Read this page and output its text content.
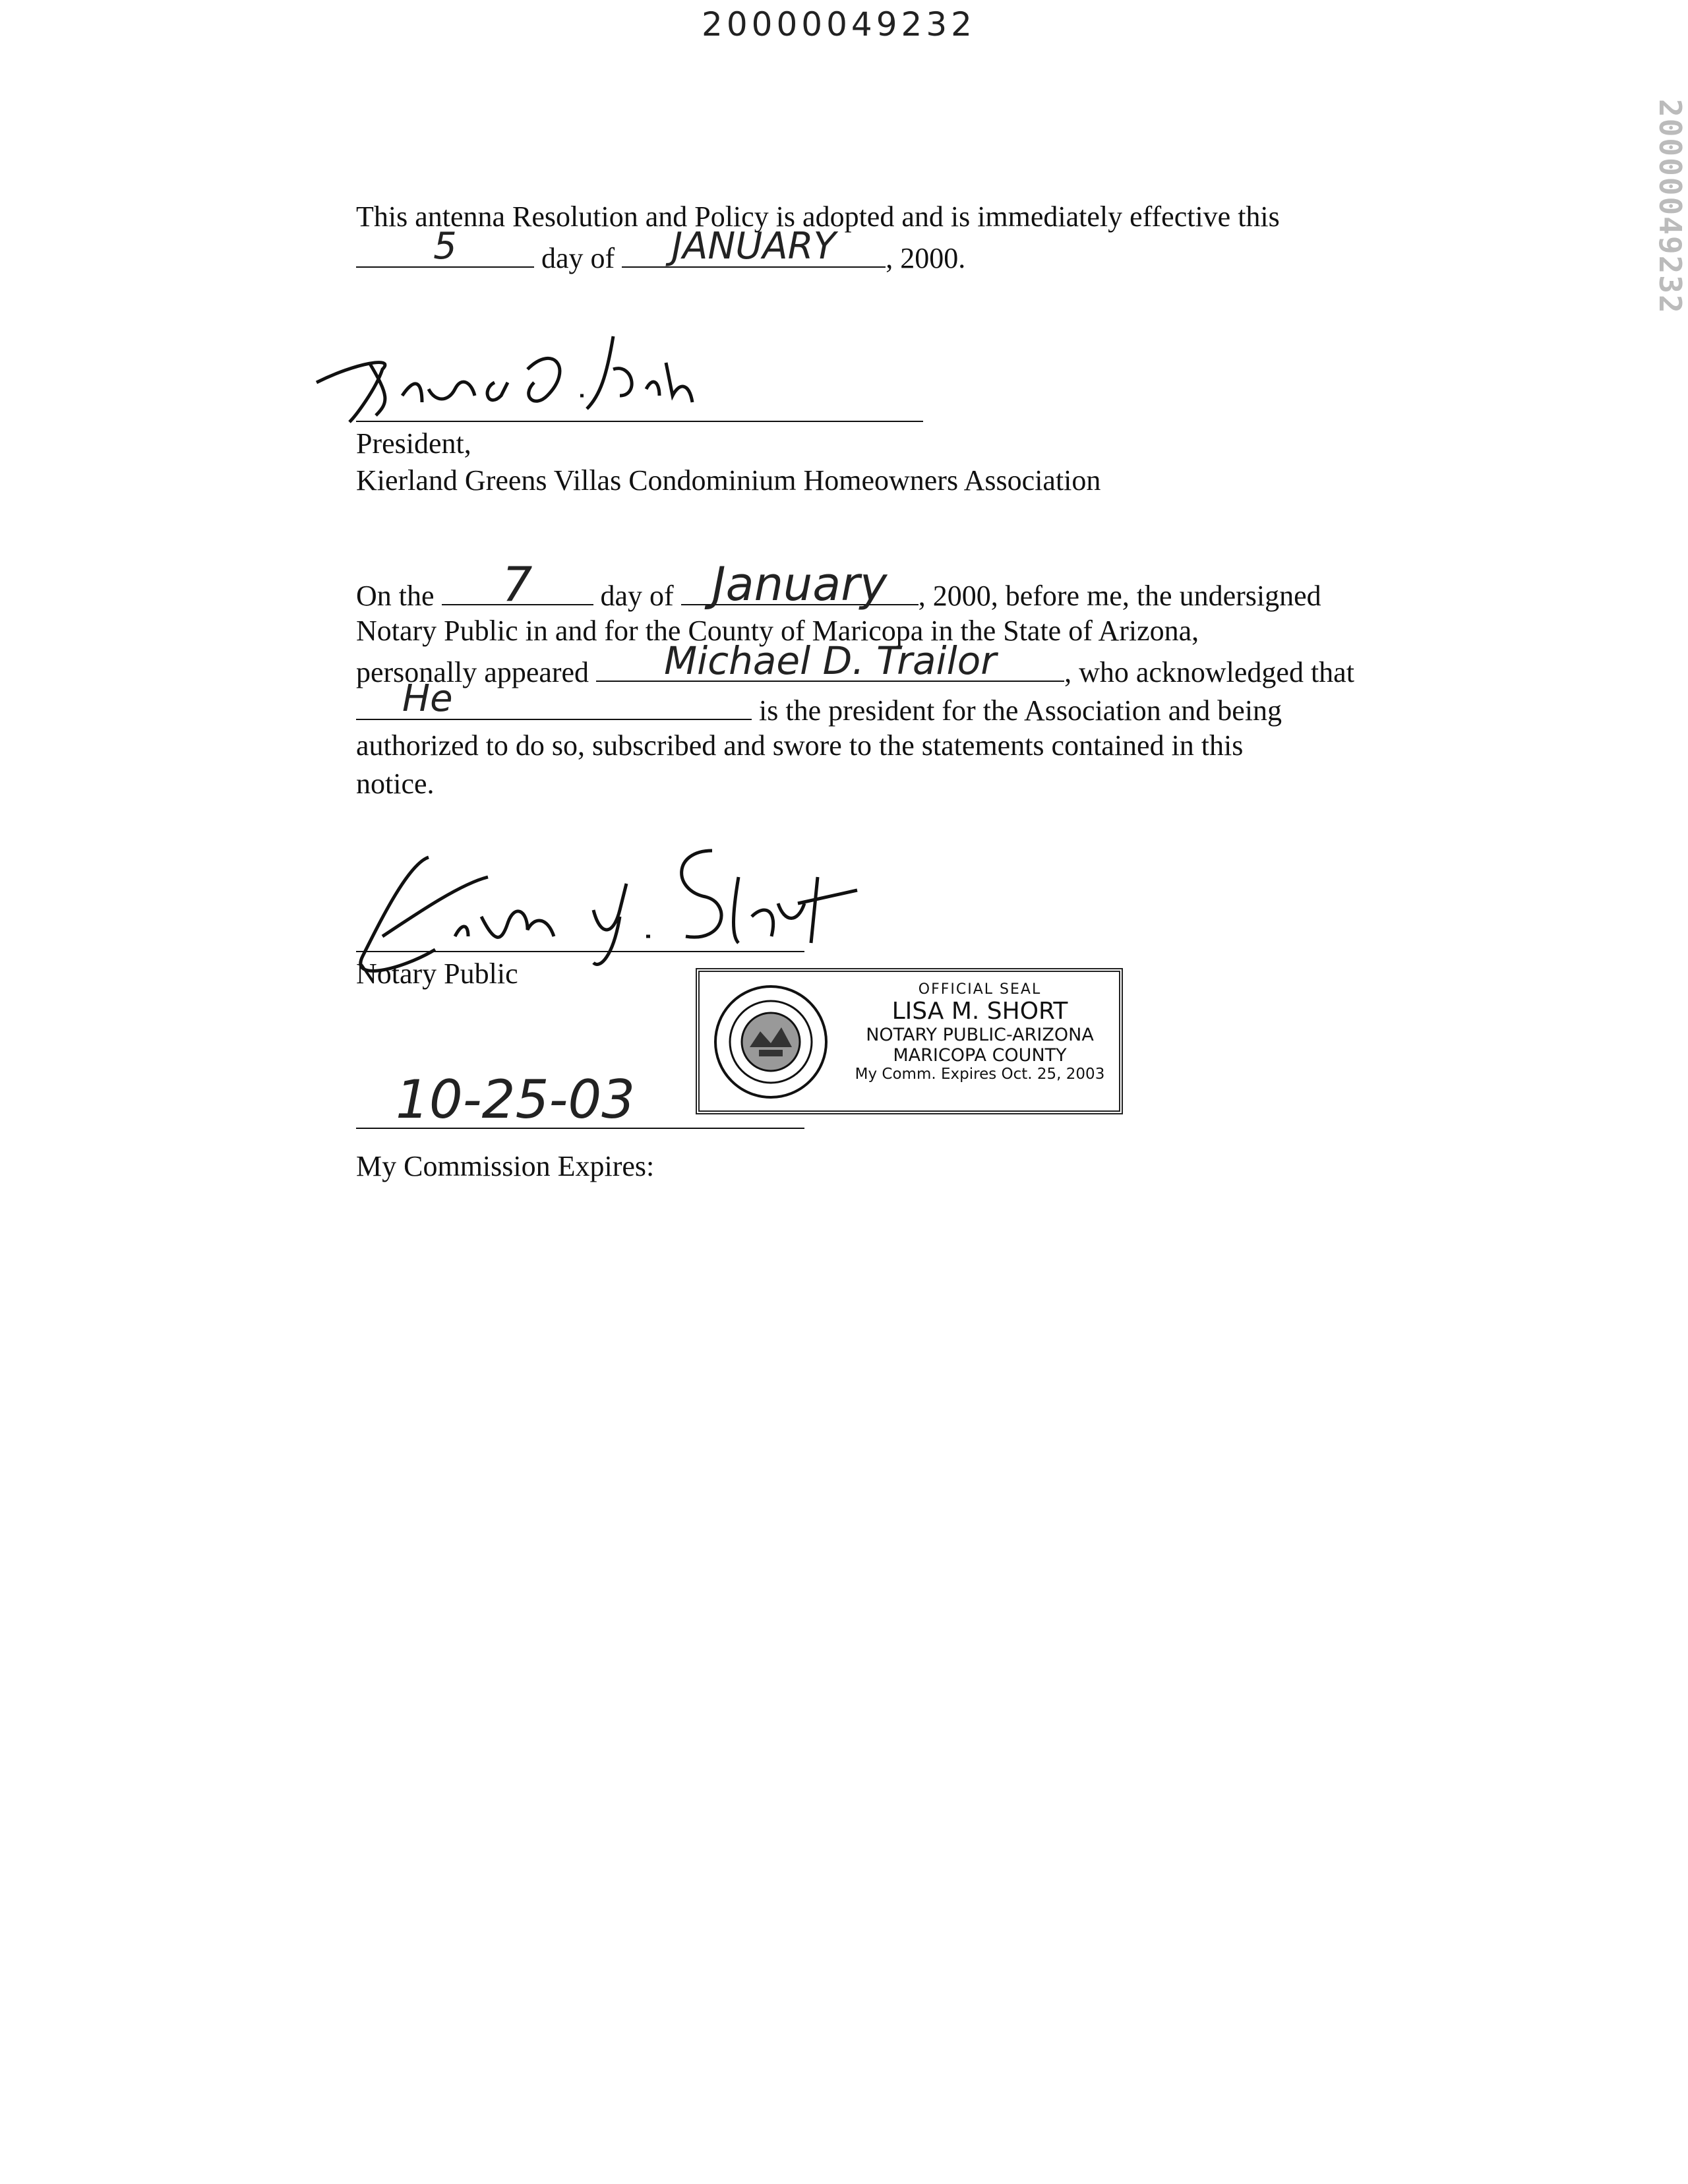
20000049232
20000049232
This antenna Resolution and Policy is adopted and is immediately effective this
5	day of	JANUARY	, 2000.
President,
Kierland Greens Villas Condominium Homeowners Association
On the	7	day of January	, 2000, before me, the undersigned
Notary Public in and for the County of Maricopa in the State of Arizona,
personally appeared	Michael D. Trailor	, who acknowledged that
He	is the president for the Association and being
authorized to do so, subscribed and swore to the statements contained in this
notice.
Notary Public	OFFICIAL SEAL
LISA M. SHORT
NOTARY PUBLIC-ARIZONA
MARICOPA COUNTY
My Comm. Expires Oct. 25, 2003
10-25-03
My Commission Expires:
